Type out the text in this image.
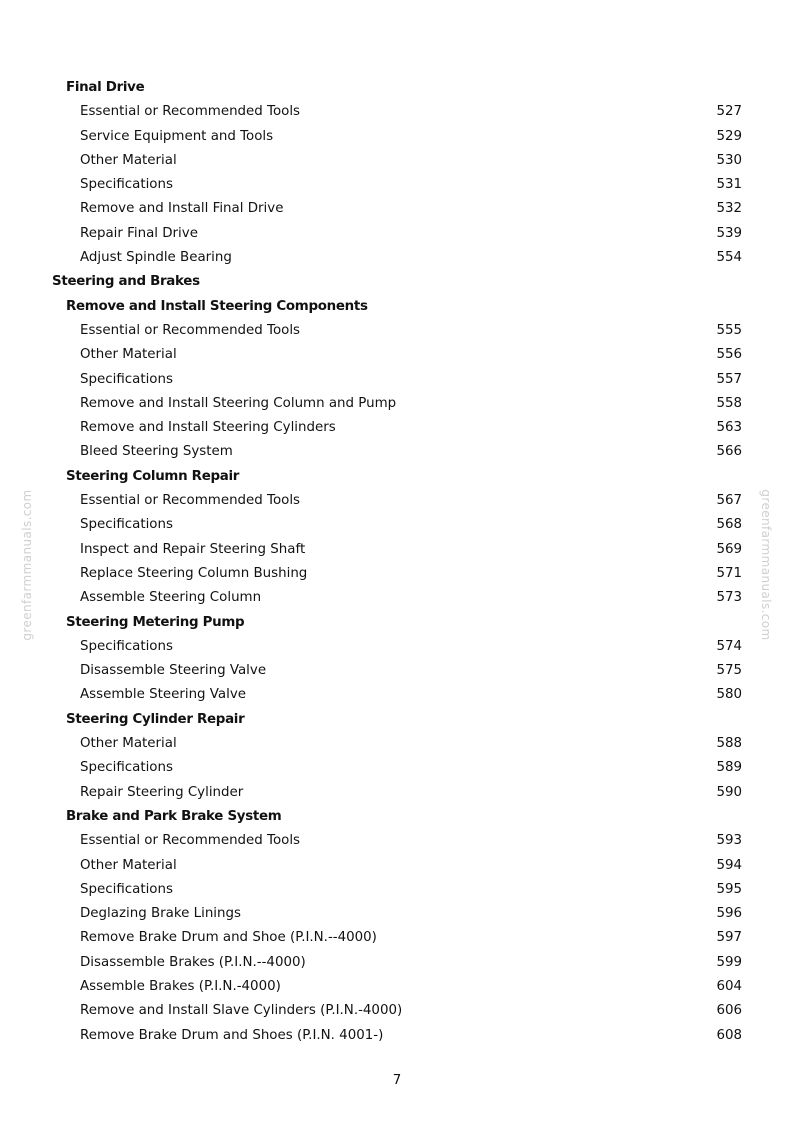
greenfarmmanuals.com	greenfarmmanuals.com
Final Drive
Essential or Recommended Tools	527
Service Equipment and Tools	529
Other Material	530
Specifications	531
Remove and Install Final Drive	532
Repair Final Drive	539
Adjust Spindle Bearing	554
Steering and Brakes
Remove and Install Steering Components
Essential or Recommended Tools	555
Other Material	556
Specifications	557
Remove and Install Steering Column and Pump	558
Remove and Install Steering Cylinders	563
Bleed Steering System	566
Steering Column Repair
Essential or Recommended Tools	567
Specifications	568
Inspect and Repair Steering Shaft	569
Replace Steering Column Bushing	571
Assemble Steering Column	573
Steering Metering Pump
Specifications	574
Disassemble Steering Valve	575
Assemble Steering Valve	580
Steering Cylinder Repair
Other Material	588
Specifications	589
Repair Steering Cylinder	590
Brake and Park Brake System
Essential or Recommended Tools	593
Other Material	594
Specifications	595
Deglazing Brake Linings	596
Remove Brake Drum and Shoe (P.I.N.--4000)	597
Disassemble Brakes (P.I.N.--4000)	599
Assemble Brakes (P.I.N.-4000)	604
Remove and Install Slave Cylinders (P.I.N.-4000)	606
Remove Brake Drum and Shoes (P.I.N. 4001-)	608
7
